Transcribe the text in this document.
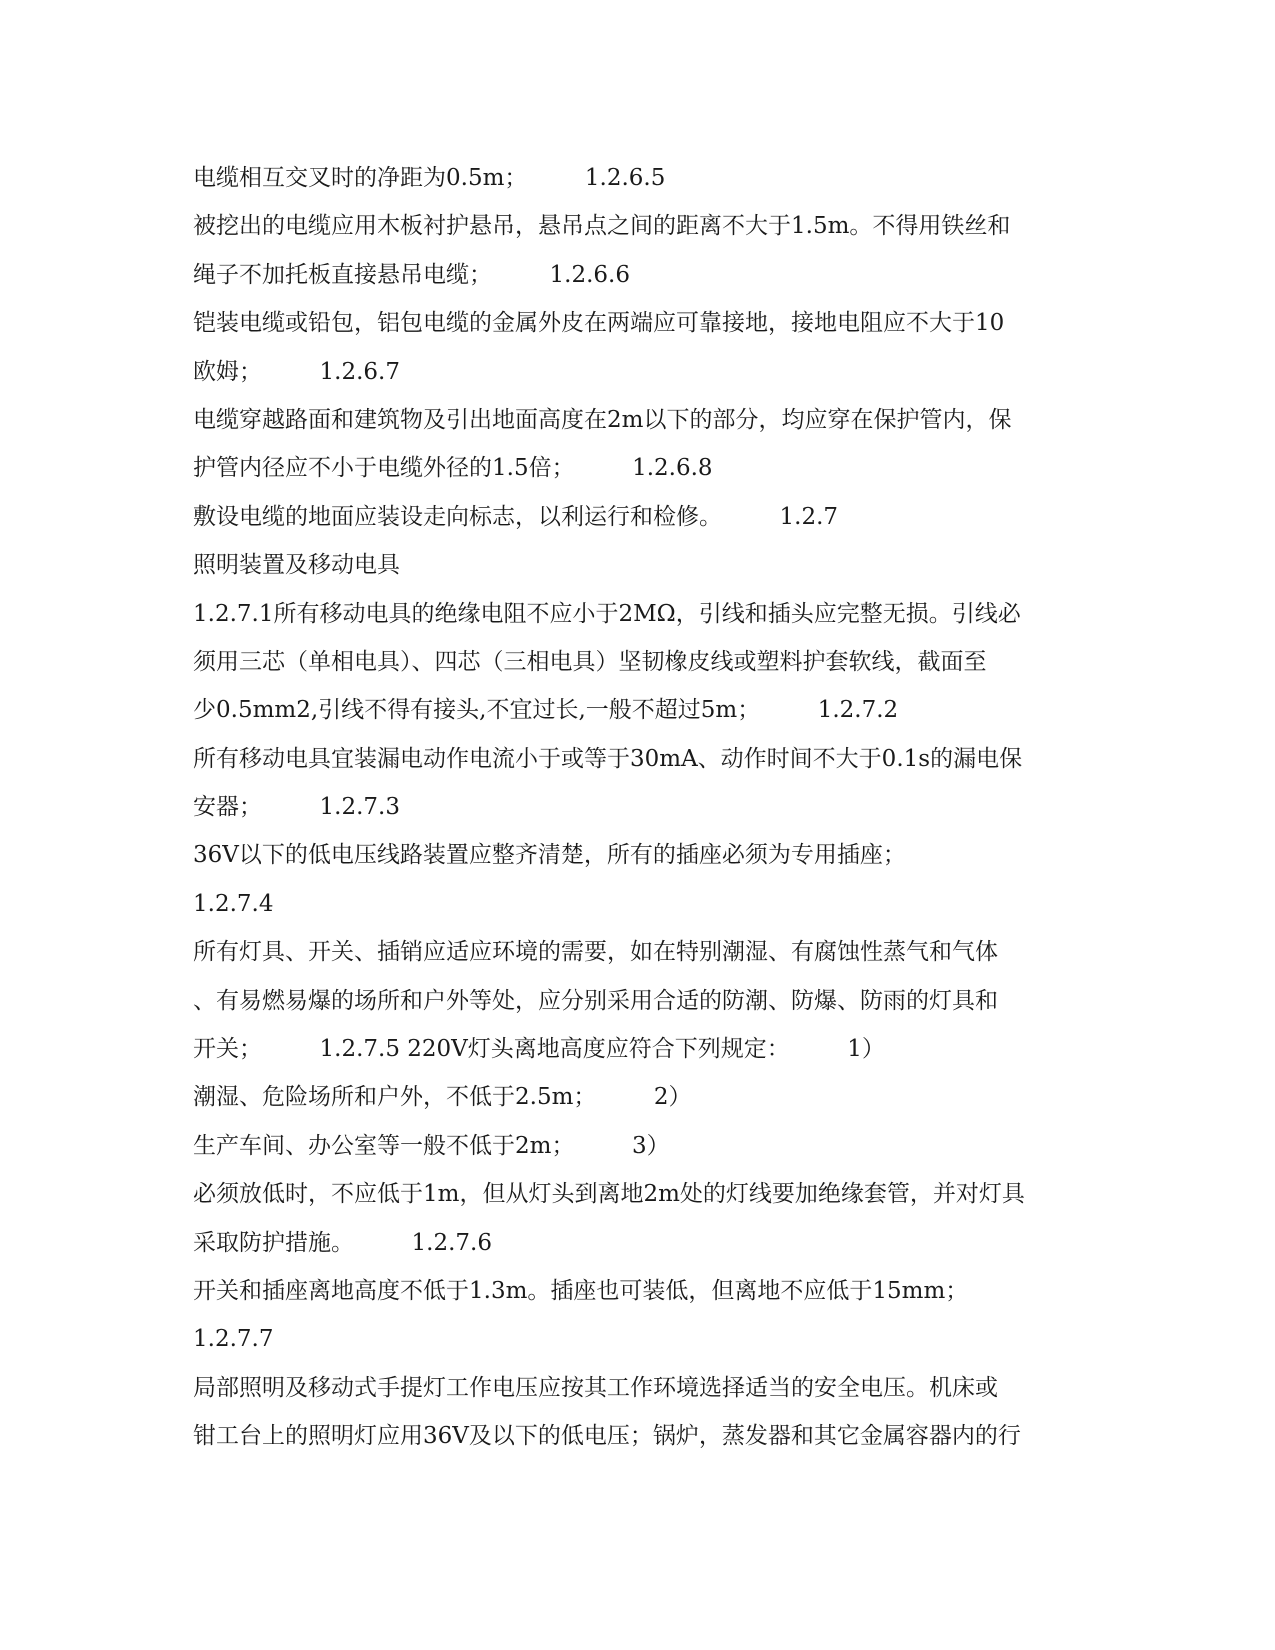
电缆相互交叉时的净距为0.5m；　　　1.2.6.5

被挖出的电缆应用木板衬护悬吊，悬吊点之间的距离不大于1.5m。不得用铁丝和

绳子不加托板直接悬吊电缆；　　　1.2.6.6

铠装电缆或铅包，铝包电缆的金属外皮在两端应可靠接地，接地电阻应不大于10

欧姆；　　　1.2.6.7

电缆穿越路面和建筑物及引出地面高度在2m以下的部分，均应穿在保护管内，保

护管内径应不小于电缆外径的1.5倍；　　　1.2.6.8

敷设电缆的地面应装设走向标志，以利运行和检修。　　　1.2.7

照明装置及移动电具

1.2.7.1所有移动电具的绝缘电阻不应小于2MΩ，引线和插头应完整无损。引线必

须用三芯（单相电具）、四芯（三相电具）坚韧橡皮线或塑料护套软线，截面至

少0.5mm2,引线不得有接头,不宜过长,一般不超过5m；　　　1.2.7.2

所有移动电具宜装漏电动作电流小于或等于30mA、动作时间不大于0.1s的漏电保

安器；　　　1.2.7.3

36V以下的低电压线路装置应整齐清楚，所有的插座必须为专用插座；

1.2.7.4

所有灯具、开关、插销应适应环境的需要，如在特别潮湿、有腐蚀性蒸气和气体

、有易燃易爆的场所和户外等处，应分别采用合适的防潮、防爆、防雨的灯具和

开关；　　　1.2.7.5 220V灯头离地高度应符合下列规定：　　　1）

潮湿、危险场所和户外，不低于2.5m；　　　2）

生产车间、办公室等一般不低于2m；　　　3）

必须放低时，不应低于1m，但从灯头到离地2m处的灯线要加绝缘套管，并对灯具

采取防护措施。　　　1.2.7.6

开关和插座离地高度不低于1.3m。插座也可装低，但离地不应低于15mm；

1.2.7.7

局部照明及移动式手提灯工作电压应按其工作环境选择适当的安全电压。机床或

钳工台上的照明灯应用36V及以下的低电压；锅炉，蒸发器和其它金属容器内的行
